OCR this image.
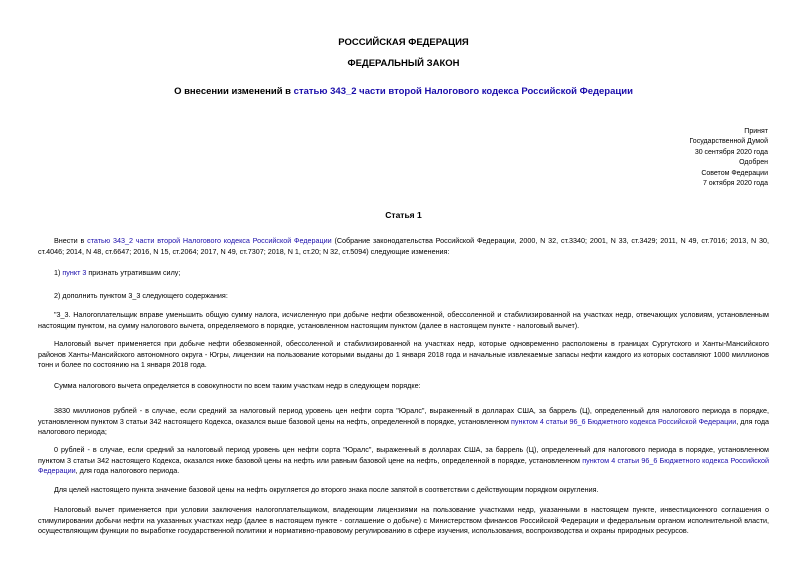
РОССИЙСКАЯ ФЕДЕРАЦИЯ
ФЕДЕРАЛЬНЫЙ ЗАКОН
О внесении изменений в статью 343_2 части второй Налогового кодекса Российской Федерации
Принят
Государственной Думой
30 сентября 2020 года
Одобрен
Советом Федерации
7 октября 2020 года
Статья 1
Внести в статью 343_2 части второй Налогового кодекса Российской Федерации (Собрание законодательства Российской Федерации, 2000, N 32, ст.3340; 2001, N 33, ст.3429; 2011, N 49, ст.7016; 2013, N 30, ст.4046; 2014, N 48, ст.6647; 2016, N 15, ст.2064; 2017, N 49, ст.7307; 2018, N 1, ст.20; N 32, ст.5094) следующие изменения:
1) пункт 3 признать утратившим силу;
2) дополнить пунктом 3_3 следующего содержания:
"3_3. Налогоплательщик вправе уменьшить общую сумму налога, исчисленную при добыче нефти обезвоженной, обессоленной и стабилизированной на участках недр, отвечающих условиям, установленным настоящим пунктом, на сумму налогового вычета, определяемого в порядке, установленном настоящим пунктом (далее в настоящем пункте - налоговый вычет).
Налоговый вычет применяется при добыче нефти обезвоженной, обессоленной и стабилизированной на участках недр, которые одновременно расположены в границах Сургутского и Ханты-Мансийского районов Ханты-Мансийского автономного округа - Югры, лицензии на пользование которыми выданы до 1 января 2018 года и начальные извлекаемые запасы нефти каждого из которых составляют 1000 миллионов тонн и более по состоянию на 1 января 2018 года.
Сумма налогового вычета определяется в совокупности по всем таким участкам недр в следующем порядке:
3830 миллионов рублей - в случае, если средний за налоговый период уровень цен нефти сорта "Юралс", выраженный в долларах США, за баррель (Ц), определенный для налогового периода в порядке, установленном пунктом 3 статьи 342 настоящего Кодекса, оказался выше базовой цены на нефть, определенной в порядке, установленном пунктом 4 статьи 96_6 Бюджетного кодекса Российской Федерации, для года налогового периода;
0 рублей - в случае, если средний за налоговый период уровень цен нефти сорта "Юралс", выраженный в долларах США, за баррель (Ц), определенный для налогового периода в порядке, установленном пунктом 3 статьи 342 настоящего Кодекса, оказался ниже базовой цены на нефть или равным базовой цене на нефть, определенной в порядке, установленном пунктом 4 статьи 96_6 Бюджетного кодекса Российской Федерации, для года налогового периода.
Для целей настоящего пункта значение базовой цены на нефть округляется до второго знака после запятой в соответствии с действующим порядком округления.
Налоговый вычет применяется при условии заключения налогоплательщиком, владеющим лицензиями на пользование участками недр, указанными в настоящем пункте, инвестиционного соглашения о стимулировании добычи нефти на указанных участках недр (далее в настоящем пункте - соглашение о добыче) с Министерством финансов Российской Федерации и федеральным органом исполнительной власти, осуществляющим функции по выработке государственной политики и нормативно-правовому регулированию в сфере изучения, использования, воспроизводства и охраны природных ресурсов.
